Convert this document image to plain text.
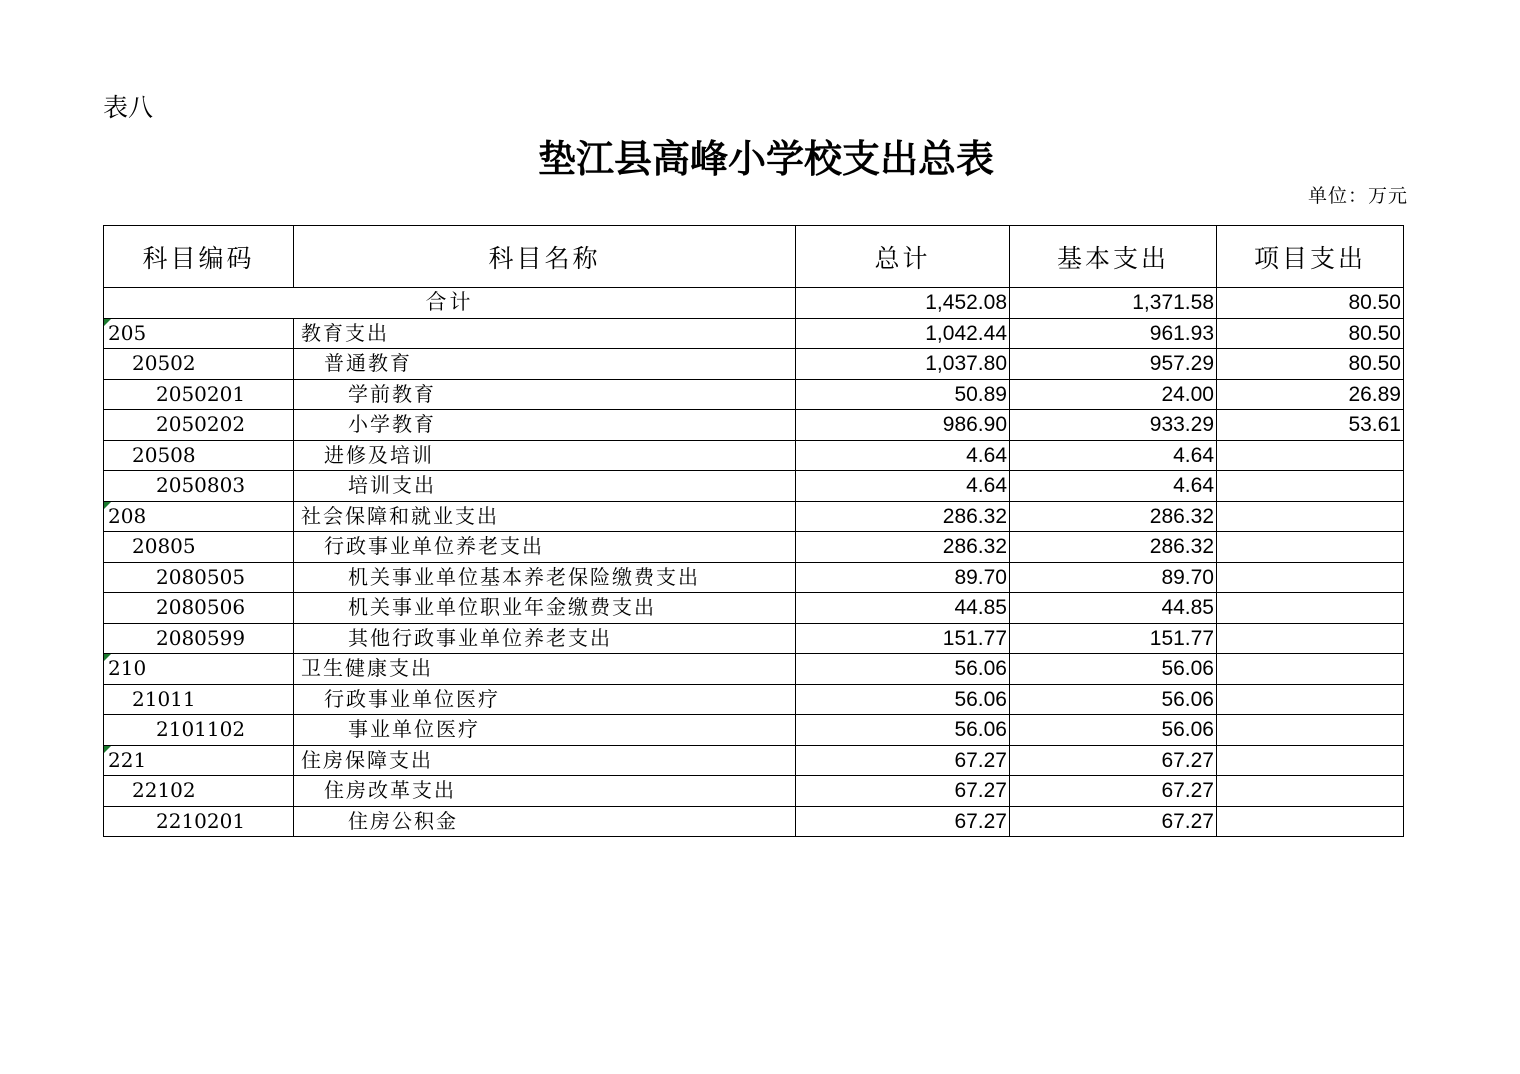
表八
垫江县高峰小学校支出总表
单位：万元
科目编码	科目名称	总计	基本支出	项目支出
合计		1,452.08	1,371.58	80.50

205	教育支出	1,042.44	961.93	80.50
20502	普通教育	1,037.80	957.29	80.50
2050201	学前教育	50.89	24.00	26.89
2050202	小学教育	986.90	933.29	53.61
20508	进修及培训	4.64	4.64	
2050803	培训支出	4.64	4.64	

208	社会保障和就业支出	286.32	286.32	
20805	行政事业单位养老支出	286.32	286.32	
2080505	机关事业单位基本养老保险缴费支出	89.70	89.70	
2080506	机关事业单位职业年金缴费支出	44.85	44.85	
2080599	其他行政事业单位养老支出	151.77	151.77	

210	卫生健康支出	56.06	56.06	
21011	行政事业单位医疗	56.06	56.06	
2101102	事业单位医疗	56.06	56.06	

221	住房保障支出	67.27	67.27	
22102	住房改革支出	67.27	67.27	
2210201	住房公积金	67.27	67.27	
